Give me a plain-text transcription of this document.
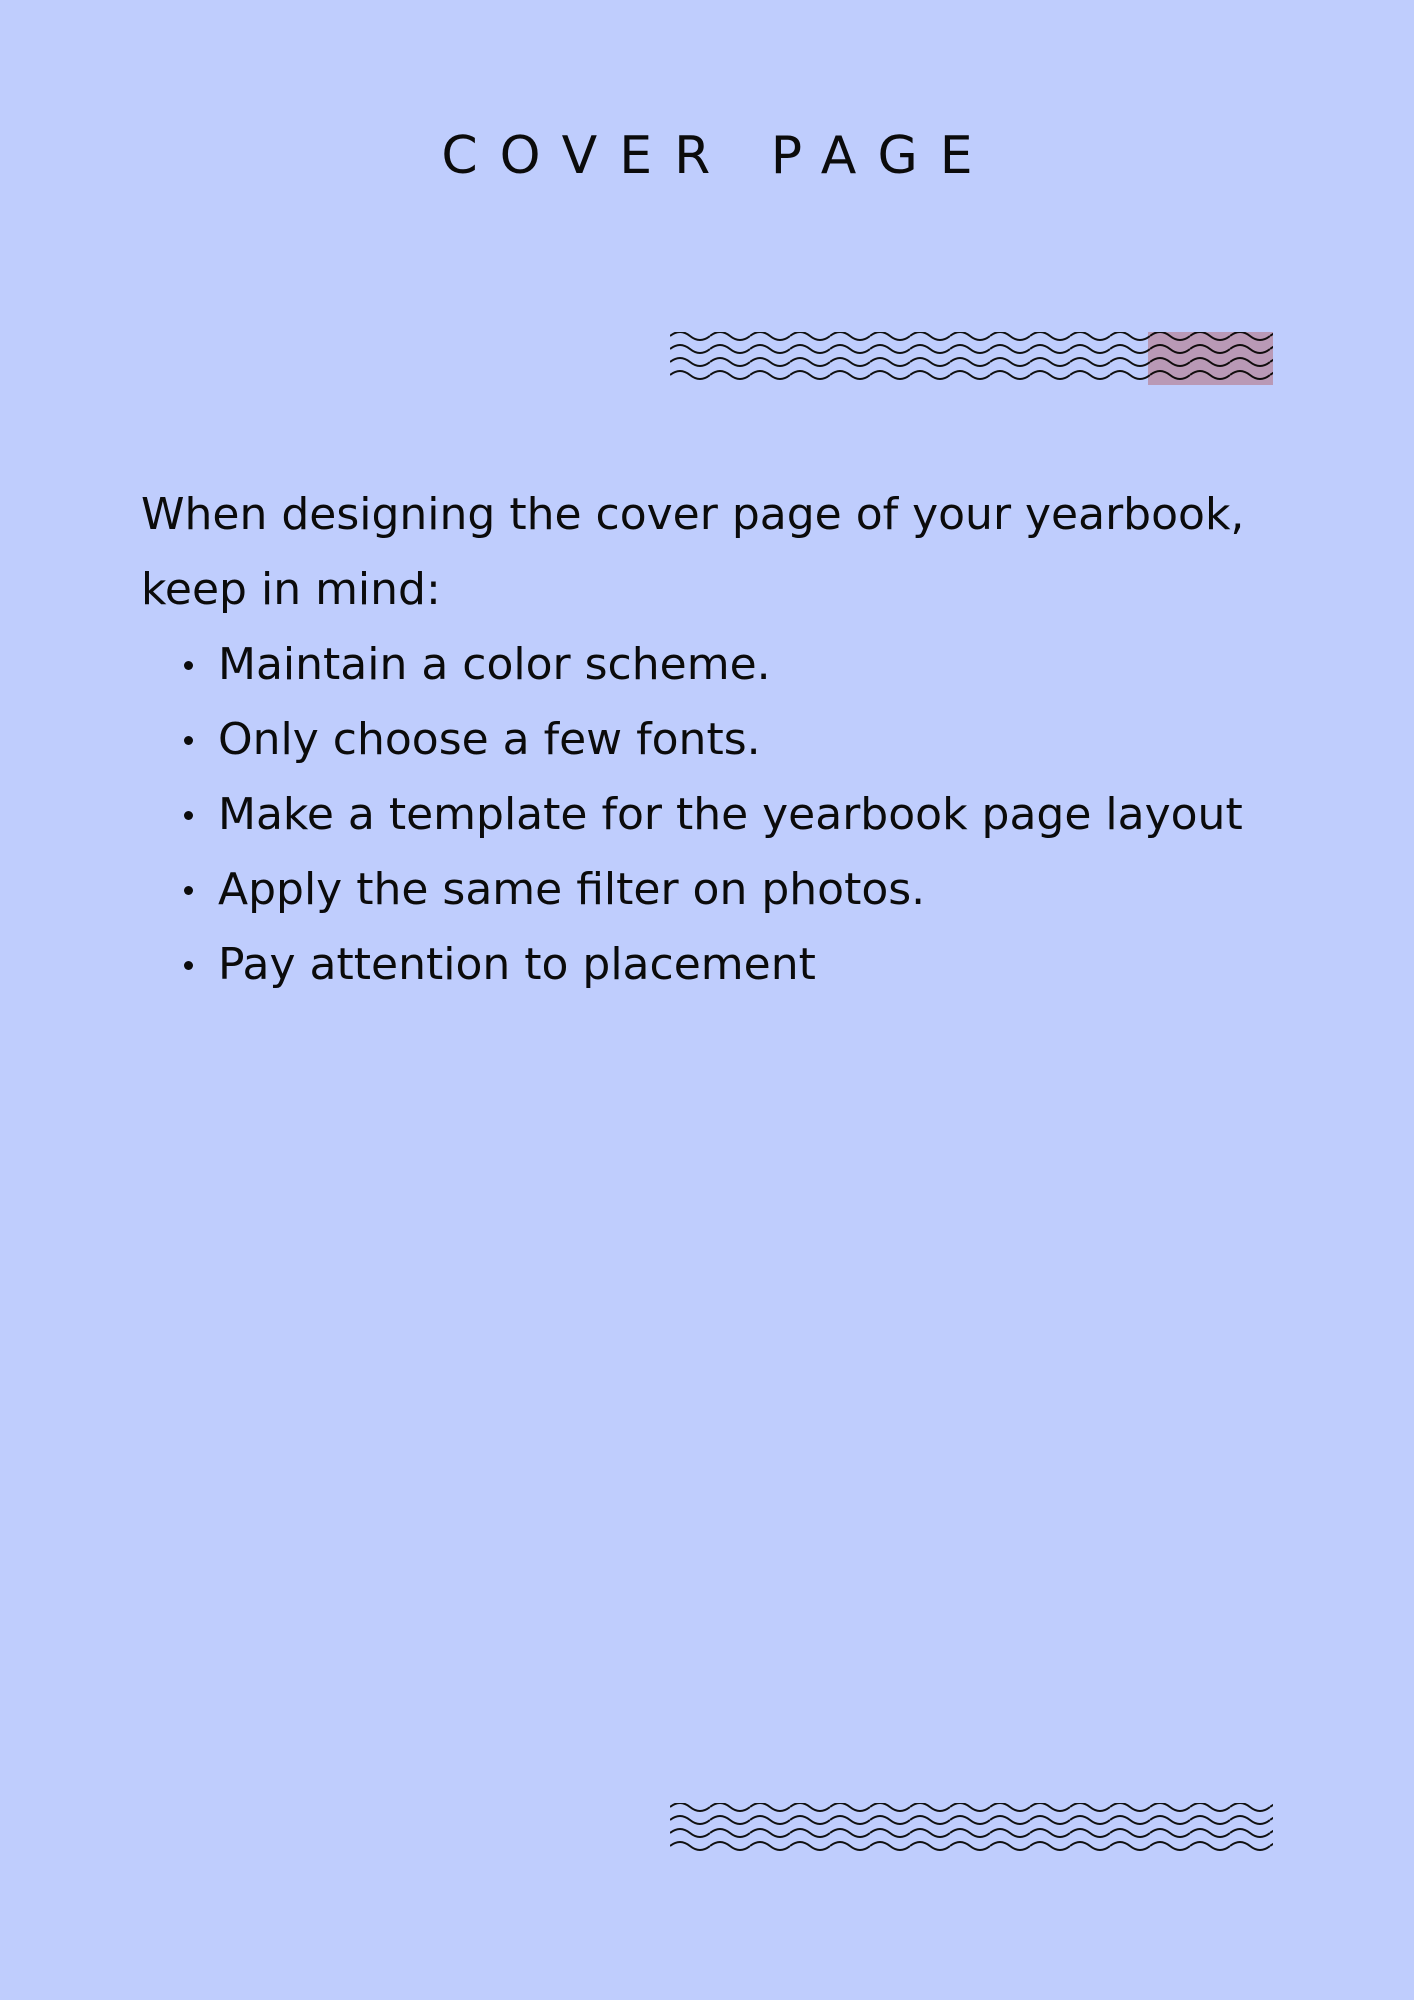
COVER PAGE

When designing the cover page of your yearbook, keep in mind:

Maintain a color scheme.
Only choose a few fonts.
Make a template for the yearbook page layout
Apply the same filter on photos.
Pay attention to placement
